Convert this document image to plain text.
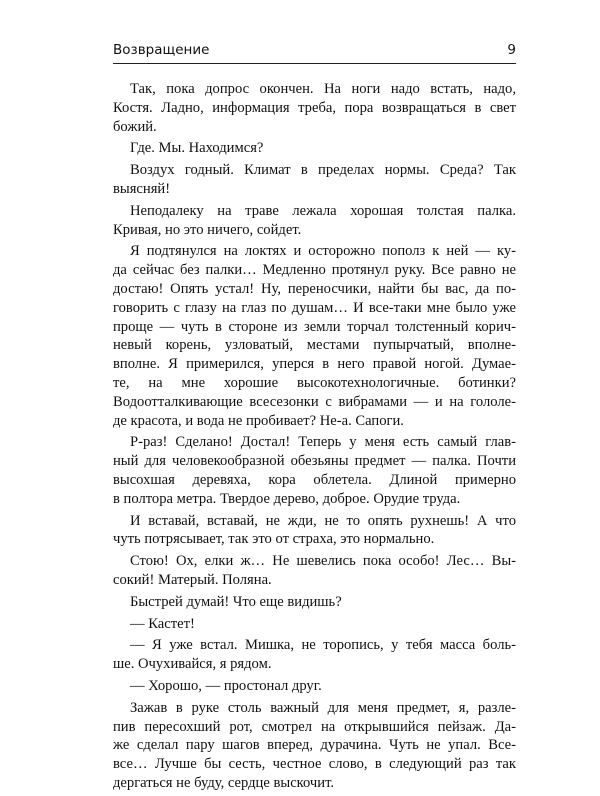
Возвращение	9
Так, пока допрос окончен. На ноги надо встать, надо,
Костя. Ладно, информация треба, пора возвращаться в свет
божий.
Где. Мы. Находимся?
Воздух годный. Климат в пределах нормы. Среда? Так
выясняй!
Неподалеку на траве лежала хорошая толстая палка.
Кривая, но это ничего, сойдет.
Я подтянулся на локтях и осторожно пополз к ней — ку-
да сейчас без палки… Медленно протянул руку. Все равно не
достаю! Опять устал! Ну, переносчики, найти бы вас, да по-
говорить с глазу на глаз по душам… И все-таки мне было уже
проще — чуть в стороне из земли торчал толстенный корич-
невый корень, узловатый, местами пупырчатый, вполне-
вполне. Я примерился, уперся в него правой ногой. Думае-
те, на мне хорошие высокотехнологичные. ботинки?
Водоотталкивающие всесезонки с вибрамами — и на гололе-
де красота, и вода не пробивает? Не-а. Сапоги.
Р-раз! Сделано! Достал! Теперь у меня есть самый глав-
ный для человекообразной обезьяны предмет — палка. Почти
высохшая деревяха, кора облетела. Длиной примерно
в полтора метра. Твердое дерево, доброе. Орудие труда.
И вставай, вставай, не жди, не то опять рухнешь! А что
чуть потрясывает, так это от страха, это нормально.
Стою! Ох, елки ж… Не шевелись пока особо! Лес… Вы-
сокий! Матерый. Поляна.
Быстрей думай! Что еще видишь?
— Кастет!
— Я уже встал. Мишка, не торопись, у тебя масса боль-
ше. Очухивайся, я рядом.
— Хорошо, — простонал друг.
Зажав в руке столь важный для меня предмет, я, разле-
пив пересохший рот, смотрел на открывшийся пейзаж. Да-
же сделал пару шагов вперед, дурачина. Чуть не упал. Все-
все… Лучше бы сесть, честное слово, в следующий раз так
дергаться не буду, сердце выскочит.
